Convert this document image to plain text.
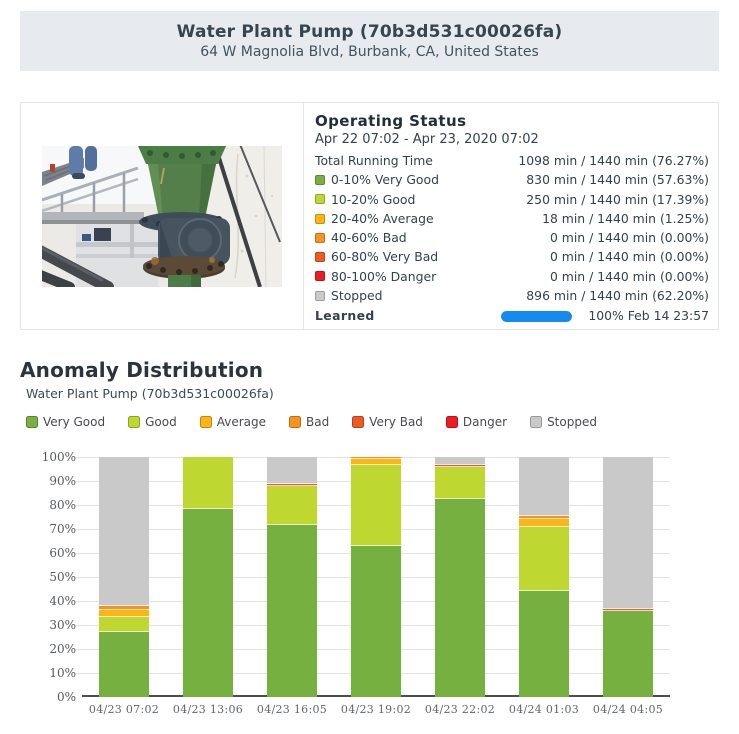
Water Plant Pump (70b3d531c00026fa)
64 W Magnolia Blvd, Burbank, CA, United States
Operating Status
Apr 22 07:02 - Apr 23, 2020 07:02
Total Running Time	1098 min / 1440 min (76.27%)
0-10% Very Good	830 min / 1440 min (57.63%)
10-20% Good	250 min / 1440 min (17.39%)
20-40% Average	18 min / 1440 min (1.25%)
40-60% Bad	0 min / 1440 min (0.00%)
60-80% Very Bad	0 min / 1440 min (0.00%)
80-100% Danger	0 min / 1440 min (0.00%)
Stopped	896 min / 1440 min (62.20%)
Learned	100% Feb 14 23:57
Anomaly Distribution
Water Plant Pump (70b3d531c00026fa)
Very Good	Good	Average	Bad	Very Bad	Danger	Stopped
0%
10%
20%
30%
40%
50%
60%
70%
80%
90%
100%
04/23 07:02	04/23 13:06	04/23 16:05	04/23 19:02	04/23 22:02	04/24 01:03	04/24 04:05
